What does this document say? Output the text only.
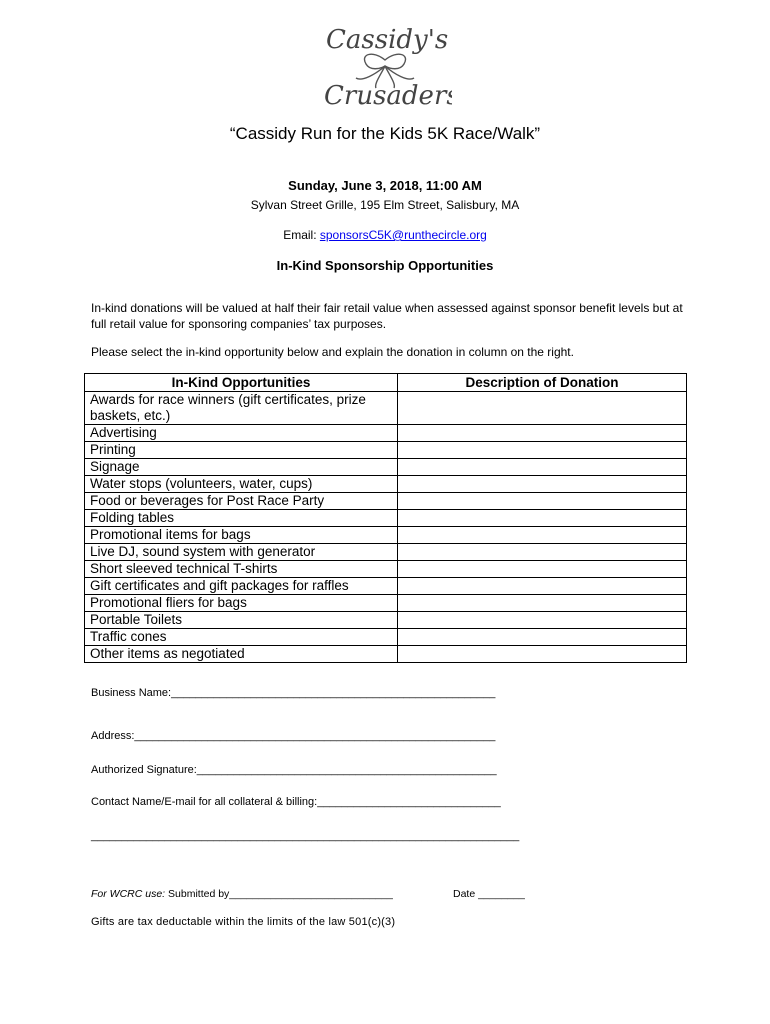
Cassidy's
Crusaders
“Cassidy Run for the Kids 5K Race/Walk”
Sunday, June 3, 2018, 11:00 AM
Sylvan Street Grille, 195 Elm Street, Salisbury, MA
Email: sponsorsC5K@runthecircle.org
In-Kind Sponsorship Opportunities
In-kind donations will be valued at half their fair retail value when assessed against sponsor benefit levels but at full retail value for sponsoring companies’ tax purposes.
Please select the in-kind opportunity below and explain the donation in column on the right.
In-Kind Opportunities	Description of Donation
Awards for race winners (gift certificates, prize baskets, etc.)	
Advertising	
Printing	
Signage	
Water stops (volunteers, water, cups)	
Food or beverages for Post Race Party	
Folding tables	
Promotional items for bags	
Live DJ, sound system with generator	
Short sleeved technical T-shirts	
Gift certificates and gift packages for raffles	
Promotional fliers for bags	
Portable Toilets	
Traffic cones	
Other items as negotiated	
Business Name:_____________________________________________________
Address:___________________________________________________________
Authorized Signature:_________________________________________________
Contact Name/E-mail for all collateral & billing:______________________________
______________________________________________________________________
For WCRC use: Submitted by____________________________	Date ________
Gifts are tax deductable within the limits of the law 501(c)(3)
